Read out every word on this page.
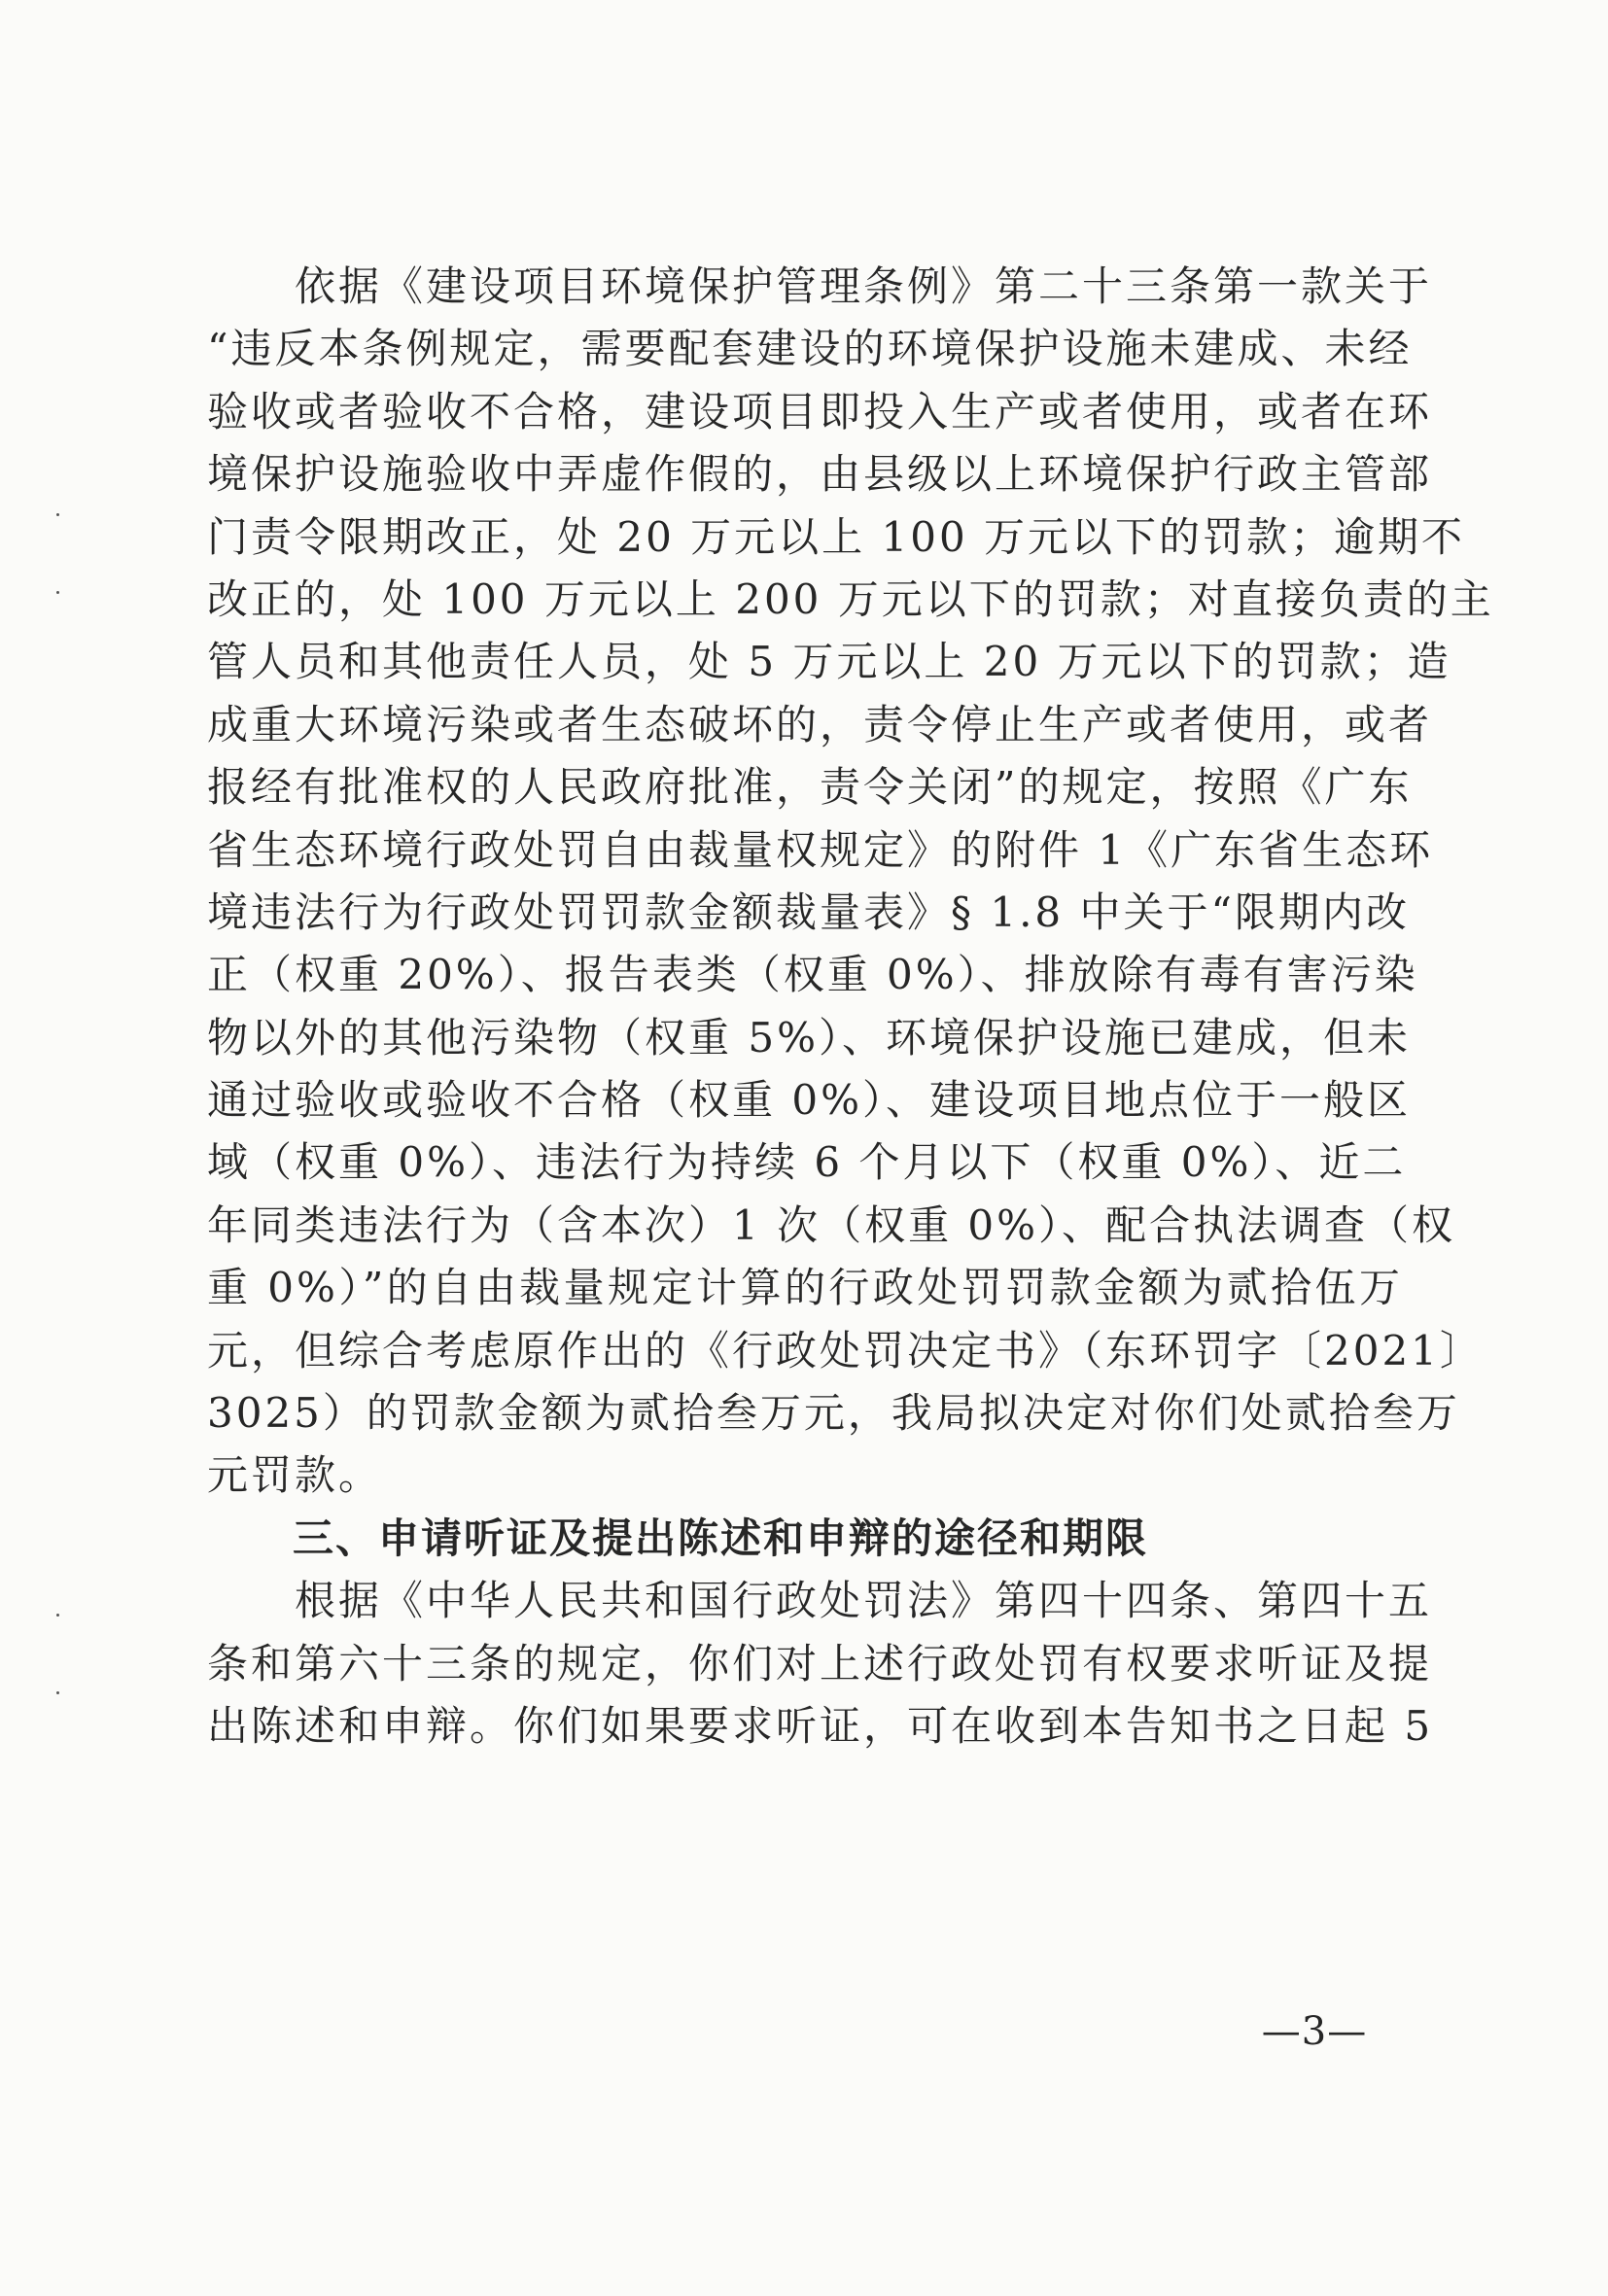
　　依据《建设项目环境保护管理条例》第二十三条第一款关于
“违反本条例规定，需要配套建设的环境保护设施未建成、未经
验收或者验收不合格，建设项目即投入生产或者使用，或者在环
境保护设施验收中弄虚作假的，由县级以上环境保护行政主管部
门责令限期改正，处 20 万元以上 100 万元以下的罚款；逾期不
改正的，处 100 万元以上 200 万元以下的罚款；对直接负责的主
管人员和其他责任人员，处 5 万元以上 20 万元以下的罚款；造
成重大环境污染或者生态破坏的，责令停止生产或者使用，或者
报经有批准权的人民政府批准，责令关闭”的规定，按照《广东
省生态环境行政处罚自由裁量权规定》的附件 1《广东省生态环
境违法行为行政处罚罚款金额裁量表》§ 1.8 中关于“限期内改
正（权重 20%）、报告表类（权重 0%）、排放除有毒有害污染
物以外的其他污染物（权重 5%）、环境保护设施已建成，但未
通过验收或验收不合格（权重 0%）、建设项目地点位于一般区
域（权重 0%）、违法行为持续 6 个月以下（权重 0%）、近二
年同类违法行为（含本次）1 次（权重 0%）、配合执法调查（权
重 0%）”的自由裁量规定计算的行政处罚罚款金额为贰拾伍万
元，但综合考虑原作出的《行政处罚决定书》（东环罚字〔2021〕
3025）的罚款金额为贰拾叁万元，我局拟决定对你们处贰拾叁万
元罚款。
　　三、申请听证及提出陈述和申辩的途径和期限
　　根据《中华人民共和国行政处罚法》第四十四条、第四十五
条和第六十三条的规定，你们对上述行政处罚有权要求听证及提
出陈述和申辩。你们如果要求听证，可在收到本告知书之日起 5
—3—
